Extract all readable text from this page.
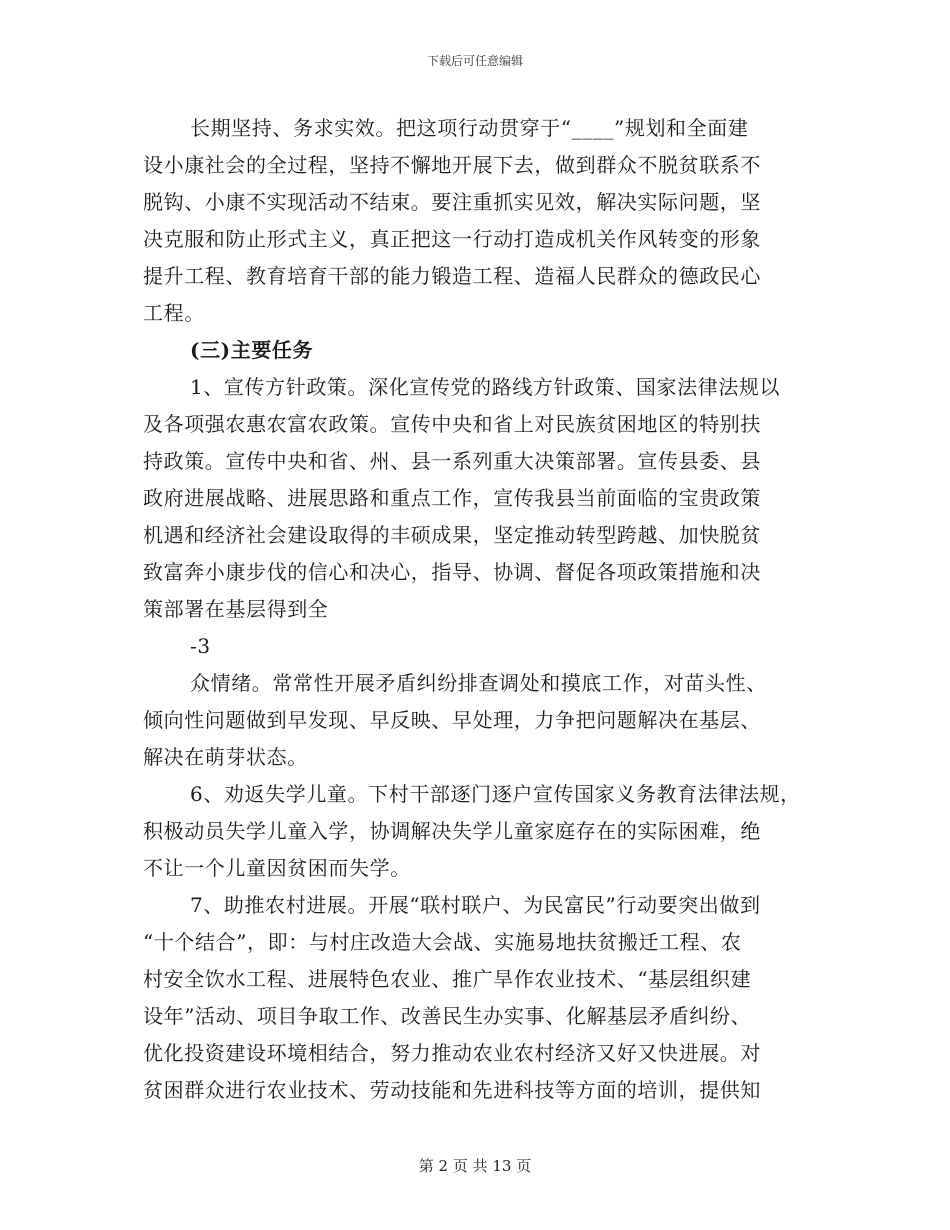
下载后可任意编辑
长期坚持、务求实效。把这项行动贯穿于“____”规划和全面建
设小康社会的全过程，坚持不懈地开展下去，做到群众不脱贫联系不
脱钩、小康不实现活动不结束。要注重抓实见效，解决实际问题，坚
决克服和防止形式主义，真正把这一行动打造成机关作风转变的形象
提升工程、教育培育干部的能力锻造工程、造福人民群众的德政民心
工程。
(三)主要任务
1、宣传方针政策。深化宣传党的路线方针政策、国家法律法规以
及各项强农惠农富农政策。宣传中央和省上对民族贫困地区的特别扶
持政策。宣传中央和省、州、县一系列重大决策部署。宣传县委、县
政府进展战略、进展思路和重点工作，宣传我县当前面临的宝贵政策
机遇和经济社会建设取得的丰硕成果，坚定推动转型跨越、加快脱贫
致富奔小康步伐的信心和决心，指导、协调、督促各项政策措施和决
策部署在基层得到全
-3
众情绪。常常性开展矛盾纠纷排查调处和摸底工作，对苗头性、
倾向性问题做到早发现、早反映、早处理，力争把问题解决在基层、
解决在萌芽状态。
6、劝返失学儿童。下村干部逐门逐户宣传国家义务教育法律法规，
积极动员失学儿童入学，协调解决失学儿童家庭存在的实际困难，绝
不让一个儿童因贫困而失学。
7、助推农村进展。开展“联村联户、为民富民”行动要突出做到
“十个结合”，即：与村庄改造大会战、实施易地扶贫搬迁工程、农
村安全饮水工程、进展特色农业、推广旱作农业技术、“基层组织建
设年”活动、项目争取工作、改善民生办实事、化解基层矛盾纠纷、
优化投资建设环境相结合，努力推动农业农村经济又好又快进展。对
贫困群众进行农业技术、劳动技能和先进科技等方面的培训，提供知
第 2 页 共 13 页
